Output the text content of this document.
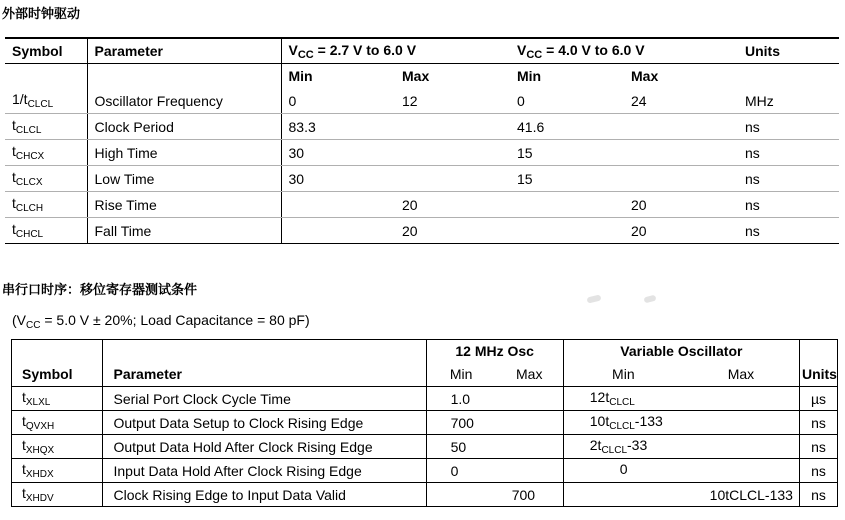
外部时钟驱动
Symbol	Parameter	$V_{CC} = 2.7$ V to 6.0 V		$V_{CC} = 4.0$ V to 6.0 V		Units
		Min	Max	Min	Max	
$1/t_{CLCL}$	Oscillator Frequency	0	12	0	24	MHz
$t_{CLCL}$	Clock Period	83.3		41.6		ns
$t_{CHCX}$	High Time	30		15		ns
$t_{CLCX}$	Low Time	30		15		ns
$t_{CLCH}$	Rise Time		20		20	ns
$t_{CHCL}$	Fall Time		20		20	ns
串行口时序：移位寄存器测试条件
($V_{CC} = 5.0$ V ± 20%; Load Capacitance = 80 pF)
		12 MHz Osc		Variable Oscillator		
Symbol	Parameter	Min	Max	Min	Max	Units
$t_{XLXL}$	Serial Port Clock Cycle Time	1.0		$12t_{CLCL}$		µs
$t_{QVXH}$	Output Data Setup to Clock Rising Edge	700		$10t_{CLCL}-133$		ns
$t_{XHQX}$	Output Data Hold After Clock Rising Edge	50		$2t_{CLCL}-33$		ns
$t_{XHDX}$	Input Data Hold After Clock Rising Edge	0		0		ns
$t_{XHDV}$	Clock Rising Edge to Input Data Valid		700		10tCLCL-133	ns
